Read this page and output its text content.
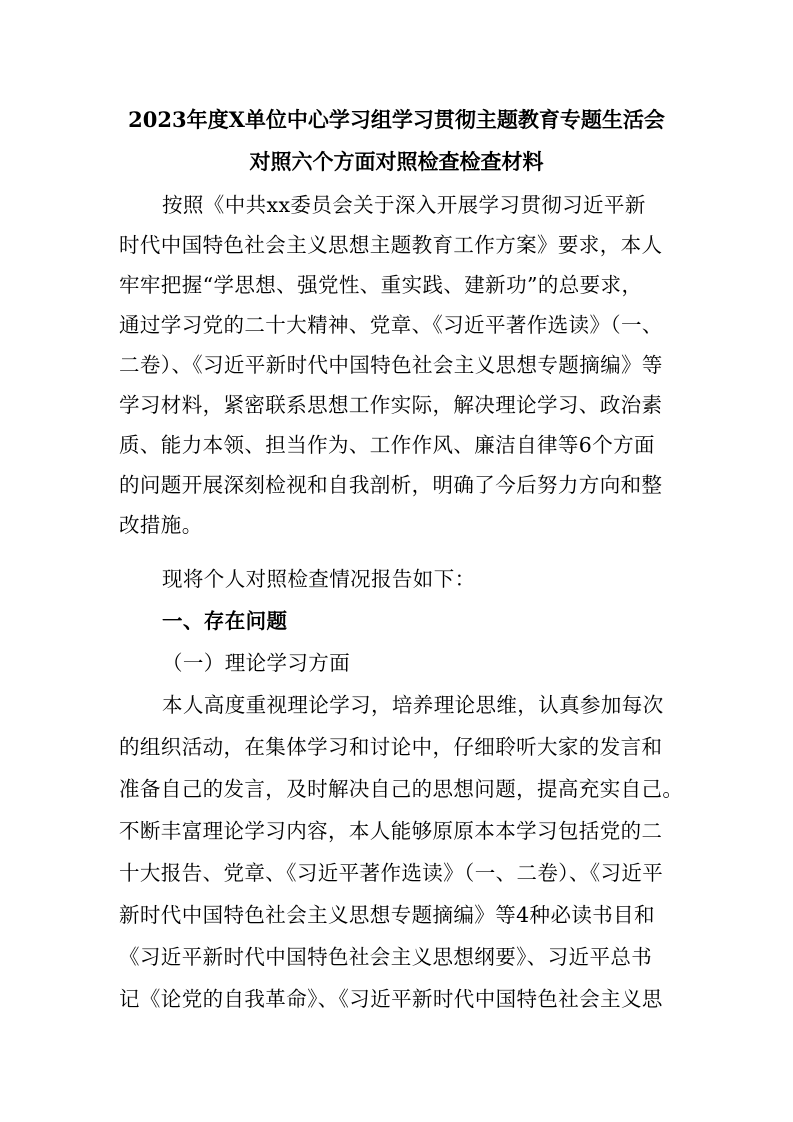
2023年度X单位中心学习组学习贯彻主题教育专题生活会
对照六个方面对照检查检查材料
按照《中共xx委员会关于深入开展学习贯彻习近平新
时代中国特色社会主义思想主题教育工作方案》要求，本人
牢牢把握“学思想、强党性、重实践、建新功”的总要求，
通过学习党的二十大精神、党章、《习近平著作选读》（一、
二卷）、《习近平新时代中国特色社会主义思想专题摘编》等
学习材料，紧密联系思想工作实际，解决理论学习、政治素
质、能力本领、担当作为、工作作风、廉洁自律等6个方面
的问题开展深刻检视和自我剖析，明确了今后努力方向和整
改措施。
现将个人对照检查情况报告如下：
一、存在问题
（一）理论学习方面
本人高度重视理论学习，培养理论思维，认真参加每次
的组织活动，在集体学习和讨论中，仔细聆听大家的发言和
准备自己的发言，及时解决自己的思想问题，提高充实自己。
不断丰富理论学习内容，本人能够原原本本学习包括党的二
十大报告、党章、《习近平著作选读》（一、二卷）、《习近平
新时代中国特色社会主义思想专题摘编》等4种必读书目和
《习近平新时代中国特色社会主义思想纲要》、习近平总书
记《论党的自我革命》、《习近平新时代中国特色社会主义思
